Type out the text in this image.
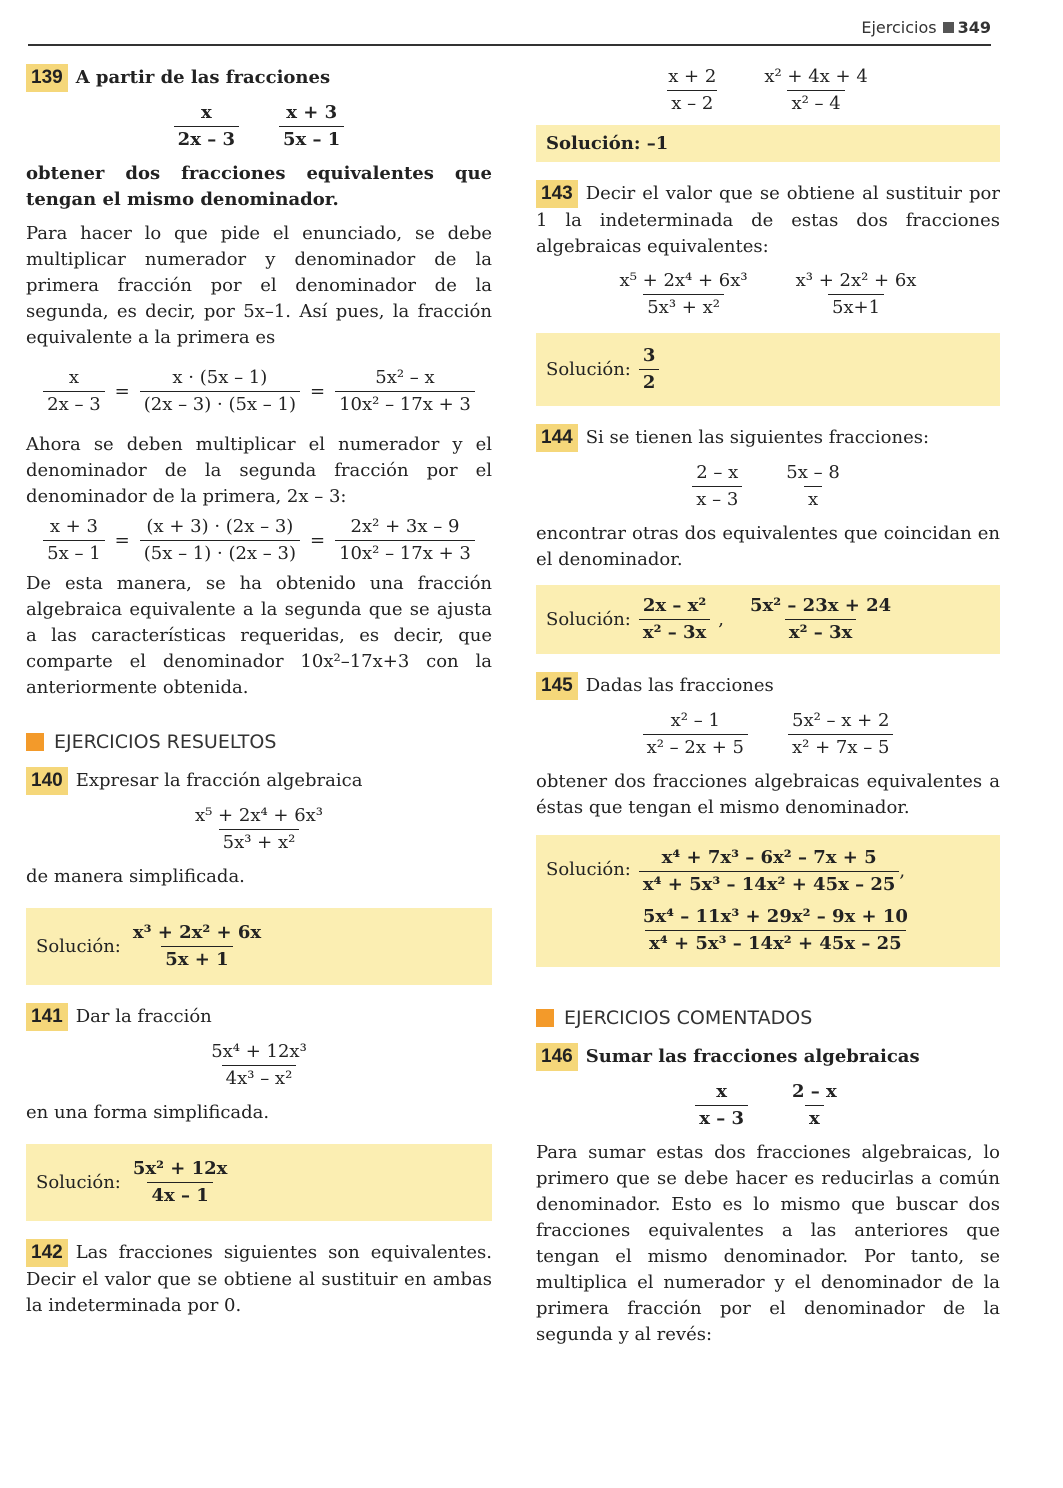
Ejercicios 349

139 A partir de las fracciones

$\frac{x}{2x - 3} \frac{x + 3}{5x - 1}$

obtener dos fracciones equivalentes que tengan el mismo denominador.

Para hacer lo que pide el enunciado, se debe multiplicar numerador y denominador de la primera fracción por el denominador de la segunda, es decir, por 5x–1. Así pues, la fracción equivalente a la primera es

$\frac{x}{2x - 3} = \frac{x \cdot (5x - 1)}{(2x - 3) \cdot (5x - 1)} = \frac{\text{5x² – x}}{\text{10x² – 17x + 3}}$

Ahora se deben multiplicar el numerador y el denominador de la segunda fracción por el denominador de la primera, 2x – 3:

$\frac{x + 3}{5x - 1} = \frac{(x + 3) \cdot (2x - 3)}{(5x - 1) \cdot (2x - 3)} = \frac{\text{2x² + 3x – 9}}{\text{10x² – 17x + 3}}$

De esta manera, se ha obtenido una fracción algebraica equivalente a la segunda que se ajusta a las características requeridas, es decir, que comparte el denominador 10x²–17x+3 con la anteriormente obtenida.

EJERCICIOS RESUELTOS

140 Expresar la fracción algebraica

$\frac{\text{x⁵ + 2x⁴ + 6x³}}{\text{5x³ + x²}}$

de manera simplificada.

Solución: $\frac{\text{x³ + 2x² + 6x}}{5x + 1}$

141 Dar la fracción

$\frac{\text{5x⁴ + 12x³}}{\text{4x³ – x²}}$

en una forma simplificada.

Solución: $\frac{\text{5x² + 12x}}{4x - 1}$

142 Las fracciones siguientes son equivalentes. Decir el valor que se obtiene al sustituir en ambas la indeterminada por 0.

$\frac{x + 2}{x - 2} \frac{\text{x² + 4x + 4}}{\text{x² – 4}}$
Solución: –1

143 Decir el valor que se obtiene al sustituir por 1 la indeterminada de estas dos fracciones algebraicas equivalentes:

$\frac{\text{x⁵ + 2x⁴ + 6x³}}{\text{5x³ + x²}} \frac{\text{x³ + 2x² + 6x}}{5x+1}$
Solución: $\frac{3}{2}$

144 Si se tienen las siguientes fracciones:

$\frac{2 - x}{x - 3} \frac{5x - 8}{x}$

encontrar otras dos equivalentes que coincidan en el denominador.

Solución: $\frac{\text{2x – x²}}{\text{x² – 3x}}$ , $\frac{\text{5x² – 23x + 24}}{\text{x² – 3x}}$

145 Dadas las fracciones

$\frac{\text{x² – 1}}{\text{x² – 2x + 5}} \frac{\text{5x² – x + 2}}{\text{x² + 7x – 5}}$

obtener dos fracciones algebraicas equivalentes a éstas que tengan el mismo denominador.

Solución: $\frac{\text{x⁴ + 7x³ – 6x² – 7x + 5}}{\text{x⁴ + 5x³ – 14x² + 45x – 25}}$ ,
$\frac{\text{5x⁴ – 11x³ + 29x² – 9x + 10}}{\text{x⁴ + 5x³ – 14x² + 45x – 25}}$
EJERCICIOS COMENTADOS

146 Sumar las fracciones algebraicas

$\frac{x}{x - 3} \frac{2 - x}{x}$

Para sumar estas dos fracciones algebraicas, lo primero que se debe hacer es reducirlas a común denominador. Esto es lo mismo que buscar dos fracciones equivalentes a las anteriores que tengan el mismo denominador. Por tanto, se multiplica el numerador y el denominador de la primera fracción por el denominador de la segunda y al revés:
